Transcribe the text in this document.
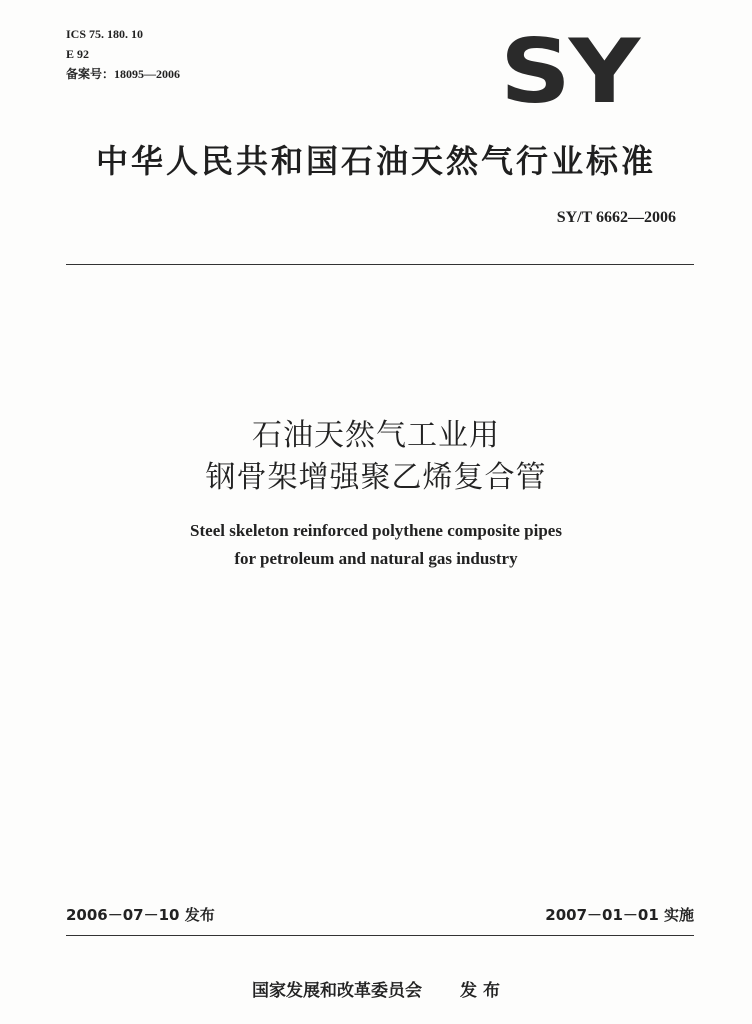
ICS 75. 180. 10
E 92
备案号：18095—2006	SY
中华人民共和国石油天然气行业标准
SY/T 6662—2006
石油天然气工业用
钢骨架增强聚乙烯复合管
Steel skeleton reinforced polythene composite pipes
for petroleum and natural gas industry
2006－07－10 发布	2007－01－01 实施
国家发展和改革委员会 发 布
